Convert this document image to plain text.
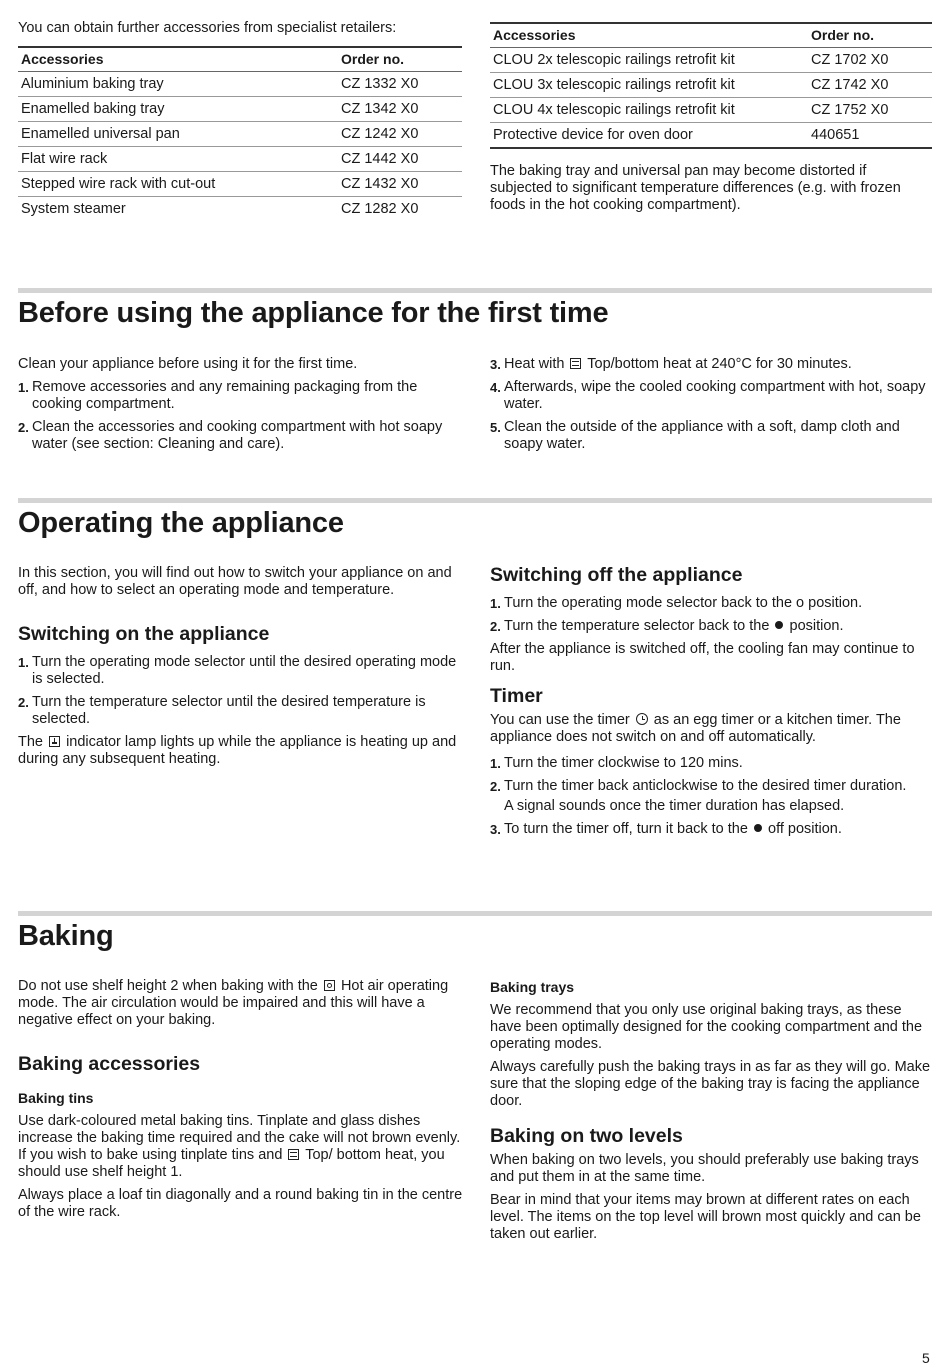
You can obtain further accessories from specialist retailers:

Accessories	Order no.
Aluminium baking tray	CZ 1332 X0
Enamelled baking tray	CZ 1342 X0
Enamelled universal pan	CZ 1242 X0
Flat wire rack	CZ 1442 X0
Stepped wire rack with cut-out	CZ 1432 X0
System steamer	CZ 1282 X0
Accessories	Order no.
CLOU 2x telescopic railings retrofit kit	CZ 1702 X0
CLOU 3x telescopic railings retrofit kit	CZ 1742 X0
CLOU 4x telescopic railings retrofit kit	CZ 1752 X0
Protective device for oven door	440651

The baking tray and universal pan may become distorted if subjected to significant temperature differences (e.g. with frozen foods in the hot cooking compartment).

Before using the appliance for the first time

Clean your appliance before using it for the first time.

1. Remove accessories and any remaining packaging from the cooking compartment.
2. Clean the accessories and cooking compartment with hot soapy water (see section: Cleaning and care).
3. Heat with Top/bottom heat at 240°C for 30 minutes.
4. Afterwards, wipe the cooled cooking compartment with hot, soapy water.
5. Clean the outside of the appliance with a soft, damp cloth and soapy water.
Operating the appliance

In this section, you will find out how to switch your appliance on and off, and how to select an operating mode and temperature.

Switching on the appliance
1. Turn the operating mode selector until the desired operating mode is selected.
2. Turn the temperature selector until the desired temperature is selected.

The indicator lamp lights up while the appliance is heating up and during any subsequent heating.

Switching off the appliance
1. Turn the operating mode selector back to the o position.
2. Turn the temperature selector back to the position.

After the appliance is switched off, the cooling fan may continue to run.

Timer

You can use the timer as an egg timer or a kitchen timer. The appliance does not switch on and off automatically.

1. Turn the timer clockwise to 120 mins.
2. Turn the timer back anticlockwise to the desired timer duration.
A signal sounds once the timer duration has elapsed.
3. To turn the timer off, turn it back to the off position.
Baking

Do not use shelf height 2 when baking with the Hot air operating mode. The air circulation would be impaired and this will have a negative effect on your baking.

Baking accessories
Baking tins

Use dark-coloured metal baking tins. Tinplate and glass dishes increase the baking time required and the cake will not brown evenly. If you wish to bake using tinplate tins and Top/ bottom heat, you should use shelf height 1.

Always place a loaf tin diagonally and a round baking tin in the centre of the wire rack.

Baking trays

We recommend that you only use original baking trays, as these have been optimally designed for the cooking compartment and the operating modes.

Always carefully push the baking trays in as far as they will go. Make sure that the sloping edge of the baking tray is facing the appliance door.

Baking on two levels

When baking on two levels, you should preferably use baking trays and put them in at the same time.

Bear in mind that your items may brown at different rates on each level. The items on the top level will brown most quickly and can be taken out earlier.

5
